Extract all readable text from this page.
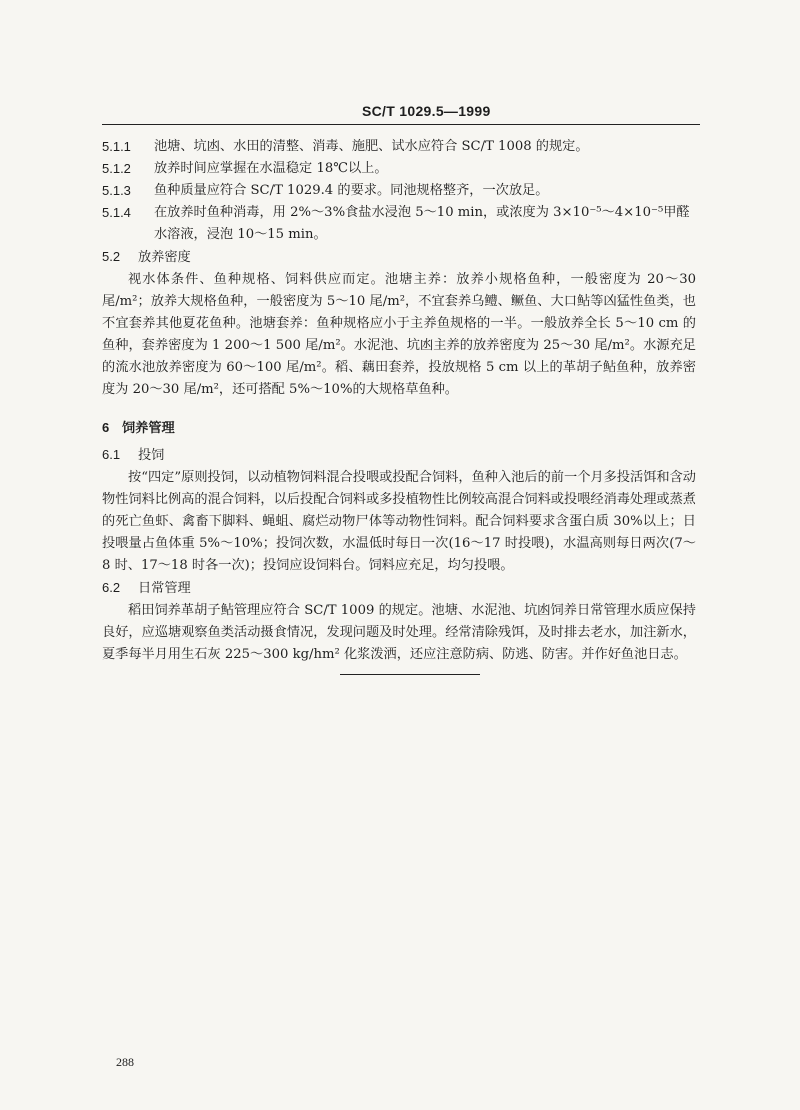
SC/T 1029.5—1999
5.1.1 池塘、坑凼、水田的清整、消毒、施肥、试水应符合 SC/T 1008 的规定。
5.1.2 放养时间应掌握在水温稳定 18℃以上。
5.1.3 鱼种质量应符合 SC/T 1029.4 的要求。同池规格整齐，一次放足。
5.1.4 在放养时鱼种消毒，用 2%～3%食盐水浸泡 5～10 min，或浓度为 3×10⁻⁵～4×10⁻⁵甲醛水溶液，浸泡 10～15 min。
5.2 放养密度
视水体条件、鱼种规格、饲料供应而定。池塘主养：放养小规格鱼种，一般密度为 20～30 尾/m²；放养大规格鱼种，一般密度为 5～10 尾/m²，不宜套养乌鳢、鳜鱼、大口鲇等凶猛性鱼类，也不宜套养其他夏花鱼种。池塘套养：鱼种规格应小于主养鱼规格的一半。一般放养全长 5～10 cm 的鱼种，套养密度为 1 200～1 500 尾/m²。水泥池、坑凼主养的放养密度为 25～30 尾/m²。水源充足的流水池放养密度为 60～100 尾/m²。稻、藕田套养，投放规格 5 cm 以上的革胡子鲇鱼种，放养密度为 20～30 尾/m²，还可搭配 5%～10%的大规格草鱼种。
6 饲养管理
6.1 投饲
按“四定”原则投饲，以动植物饲料混合投喂或投配合饲料，鱼种入池后的前一个月多投活饵和含动物性饲料比例高的混合饲料，以后投配合饲料或多投植物性比例较高混合饲料或投喂经消毒处理或蒸煮的死亡鱼虾、禽畜下脚料、蝇蛆、腐烂动物尸体等动物性饲料。配合饲料要求含蛋白质 30%以上；日投喂量占鱼体重 5%～10%；投饲次数，水温低时每日一次(16～17 时投喂)，水温高则每日两次(7～8 时、17～18 时各一次)；投饲应设饲料台。饲料应充足，均匀投喂。
6.2 日常管理
稻田饲养革胡子鲇管理应符合 SC/T 1009 的规定。池塘、水泥池、坑凼饲养日常管理水质应保持良好，应巡塘观察鱼类活动摄食情况，发现问题及时处理。经常清除残饵，及时排去老水，加注新水，夏季每半月用生石灰 225～300 kg/hm² 化浆泼洒，还应注意防病、防逃、防害。并作好鱼池日志。
288
